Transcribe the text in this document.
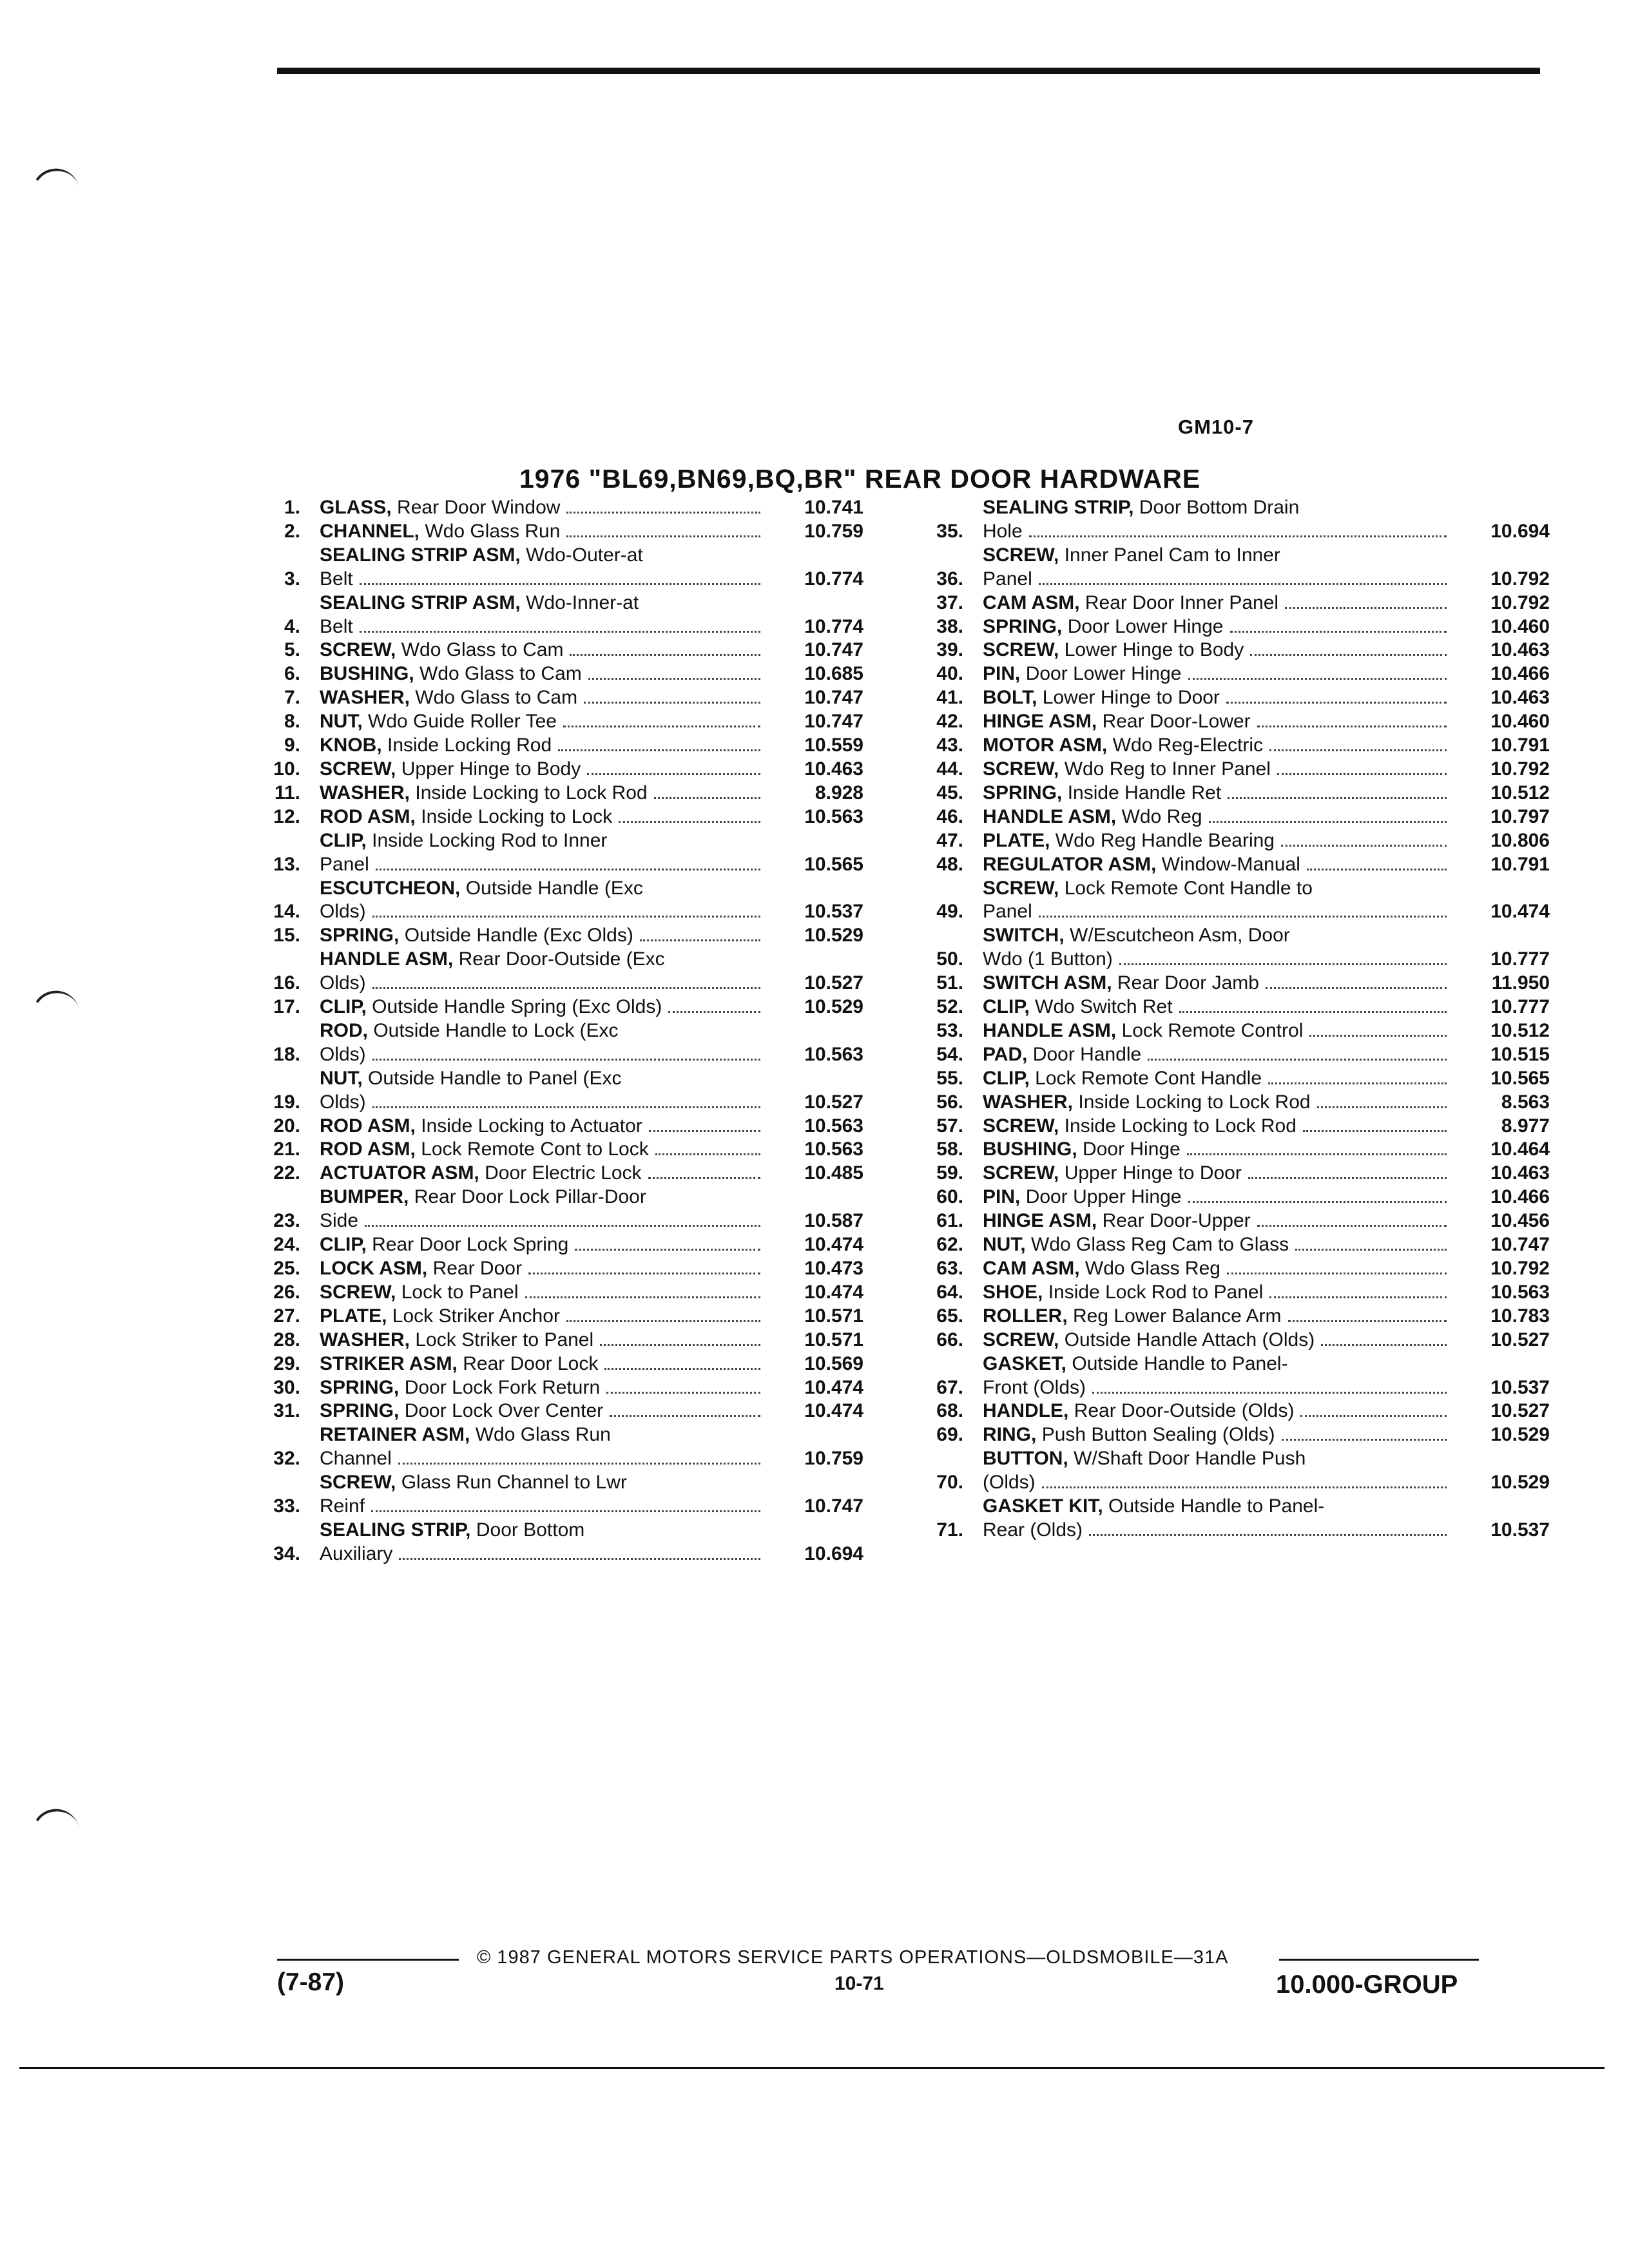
GM10-7
1976 "BL69,BN69,BQ,BR" REAR DOOR HARDWARE
1.	GLASS, Rear Door Window	10.741
2.	CHANNEL, Wdo Glass Run	10.759
3.
SEALING STRIP ASM, Wdo-Outer-at
Belt	10.774
4.
SEALING STRIP ASM, Wdo-Inner-at
Belt	10.774
5.	SCREW, Wdo Glass to Cam	10.747
6.	BUSHING, Wdo Glass to Cam	10.685
7.	WASHER, Wdo Glass to Cam	10.747
8.	NUT, Wdo Guide Roller Tee	10.747
9.	KNOB, Inside Locking Rod	10.559
10.	SCREW, Upper Hinge to Body	10.463
11.	WASHER, Inside Locking to Lock Rod	8.928
12.	ROD ASM, Inside Locking to Lock	10.563
13.
CLIP, Inside Locking Rod to Inner
Panel	10.565
14.
ESCUTCHEON, Outside Handle (Exc
Olds)	10.537
15.	SPRING, Outside Handle (Exc Olds)	10.529
16.
HANDLE ASM, Rear Door-Outside (Exc
Olds)	10.527
17.	CLIP, Outside Handle Spring (Exc Olds)	10.529
18.
ROD, Outside Handle to Lock (Exc
Olds)	10.563
19.
NUT, Outside Handle to Panel (Exc
Olds)	10.527
20.	ROD ASM, Inside Locking to Actuator	10.563
21.	ROD ASM, Lock Remote Cont to Lock	10.563
22.	ACTUATOR ASM, Door Electric Lock	10.485
23.
BUMPER, Rear Door Lock Pillar-Door
Side	10.587
24.	CLIP, Rear Door Lock Spring	10.474
25.	LOCK ASM, Rear Door	10.473
26.	SCREW, Lock to Panel	10.474
27.	PLATE, Lock Striker Anchor	10.571
28.	WASHER, Lock Striker to Panel	10.571
29.	STRIKER ASM, Rear Door Lock	10.569
30.	SPRING, Door Lock Fork Return	10.474
31.	SPRING, Door Lock Over Center	10.474
32.
RETAINER ASM, Wdo Glass Run
Channel	10.759
33.
SCREW, Glass Run Channel to Lwr
Reinf	10.747
34.
SEALING STRIP, Door Bottom
Auxiliary	10.694
35.
SEALING STRIP, Door Bottom Drain
Hole	10.694
36.
SCREW, Inner Panel Cam to Inner
Panel	10.792
37.	CAM ASM, Rear Door Inner Panel	10.792
38.	SPRING, Door Lower Hinge	10.460
39.	SCREW, Lower Hinge to Body	10.463
40.	PIN, Door Lower Hinge	10.466
41.	BOLT, Lower Hinge to Door	10.463
42.	HINGE ASM, Rear Door-Lower	10.460
43.	MOTOR ASM, Wdo Reg-Electric	10.791
44.	SCREW, Wdo Reg to Inner Panel	10.792
45.	SPRING, Inside Handle Ret	10.512
46.	HANDLE ASM, Wdo Reg	10.797
47.	PLATE, Wdo Reg Handle Bearing	10.806
48.	REGULATOR ASM, Window-Manual	10.791
49.
SCREW, Lock Remote Cont Handle to
Panel	10.474
50.
SWITCH, W/Escutcheon Asm, Door
Wdo (1 Button)	10.777
51.	SWITCH ASM, Rear Door Jamb	11.950
52.	CLIP, Wdo Switch Ret	10.777
53.	HANDLE ASM, Lock Remote Control	10.512
54.	PAD, Door Handle	10.515
55.	CLIP, Lock Remote Cont Handle	10.565
56.	WASHER, Inside Locking to Lock Rod	8.563
57.	SCREW, Inside Locking to Lock Rod	8.977
58.	BUSHING, Door Hinge	10.464
59.	SCREW, Upper Hinge to Door	10.463
60.	PIN, Door Upper Hinge	10.466
61.	HINGE ASM, Rear Door-Upper	10.456
62.	NUT, Wdo Glass Reg Cam to Glass	10.747
63.	CAM ASM, Wdo Glass Reg	10.792
64.	SHOE, Inside Lock Rod to Panel	10.563
65.	ROLLER, Reg Lower Balance Arm	10.783
66.	SCREW, Outside Handle Attach (Olds)	10.527
67.
GASKET, Outside Handle to Panel-
Front (Olds)	10.537
68.	HANDLE, Rear Door-Outside (Olds)	10.527
69.	RING, Push Button Sealing (Olds)	10.529
70.
BUTTON, W/Shaft Door Handle Push
(Olds)	10.529
71.
GASKET KIT, Outside Handle to Panel-
Rear (Olds)	10.537
© 1987 GENERAL MOTORS SERVICE PARTS OPERATIONS—OLDSMOBILE—31A
10-71
(7-87)	10.000-GROUP
